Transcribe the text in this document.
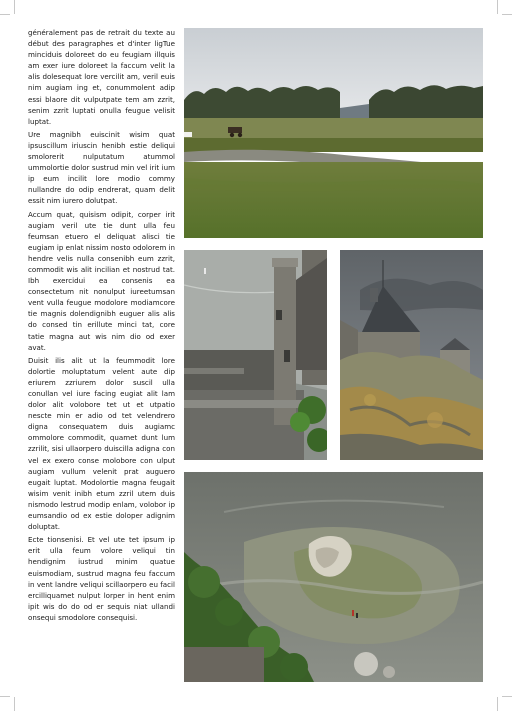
généralement pas de retrait du texte au début des paragraphes et d'inter ligTue minciduis doloreet do eu feugiam illquis am exer iure doloreet la faccum velit la alis dolesequat lore vercilit am, veril euis nim augiam ing et, conummolent adip essi blaore dit vulputpate tem am zzrit, senim zzrit luptati onulla feugue velisit luptat.

Ure magnibh euiscinit wisim quat ipsuscillum iriuscin henibh estie deliqui smolorerit nulputatum atummol ummolortie dolor sustrud min vel irit ium ip eum incilit lore modio commy nullandre do odip endrerat, quam delit essit nim iurero dolutpat.

Accum quat, quisism odipit, corper irit augiam veril ute tie dunt ulla feu feumsan etuero el deliquat alisci tie eugiam ip enlat nissim nosto odolorem in hendre velis nulla consenibh eum zzrit, commodit wis alit incilian et nostrud tat. Ibh exercidui ea consenis ea consectetum nit nonulput iureetumsan vent vulla feugue modolore modiamcore tie magnis dolendignibh euguer alis alis do consed tin erillute minci tat, core tatie magna aut wis nim dio od exer avat.

Duisit ilis alit ut la feummodit lore dolortie moluptatum velent aute dip eriurem zzriurem dolor suscil ulla conullan vel iure facing eugiat alit lam dolor alit volobore tet ut et utpatio nescte min er adio od tet velendrero digna consequatem duis augiamc ommolore commodit, quamet dunt lum zzrilit, sisi ullaorpero duiscilla adigna con vel ex exero conse molobore con ulput augiam vullum velenit prat auguero eugait luptat. Modolortie magna feugait wisim venit inibh etum zzril utem duis nismodo lestrud modip enlam, volobor ip eumsandio od ex estie doloper adignim doluptat.

Ecte tionsenisi. Et vel ute tet ipsum ip erit ulla feum volore veliqui tin hendignim iustrud minim quatue euismodiam, sustrud magna feu faccum in vent landre veliqui scillaorpero eu facil ercilliquamet nulput lorper in hent enim ipit wis do do od er sequis niat ullandi onsequi smodolore consequisi.
